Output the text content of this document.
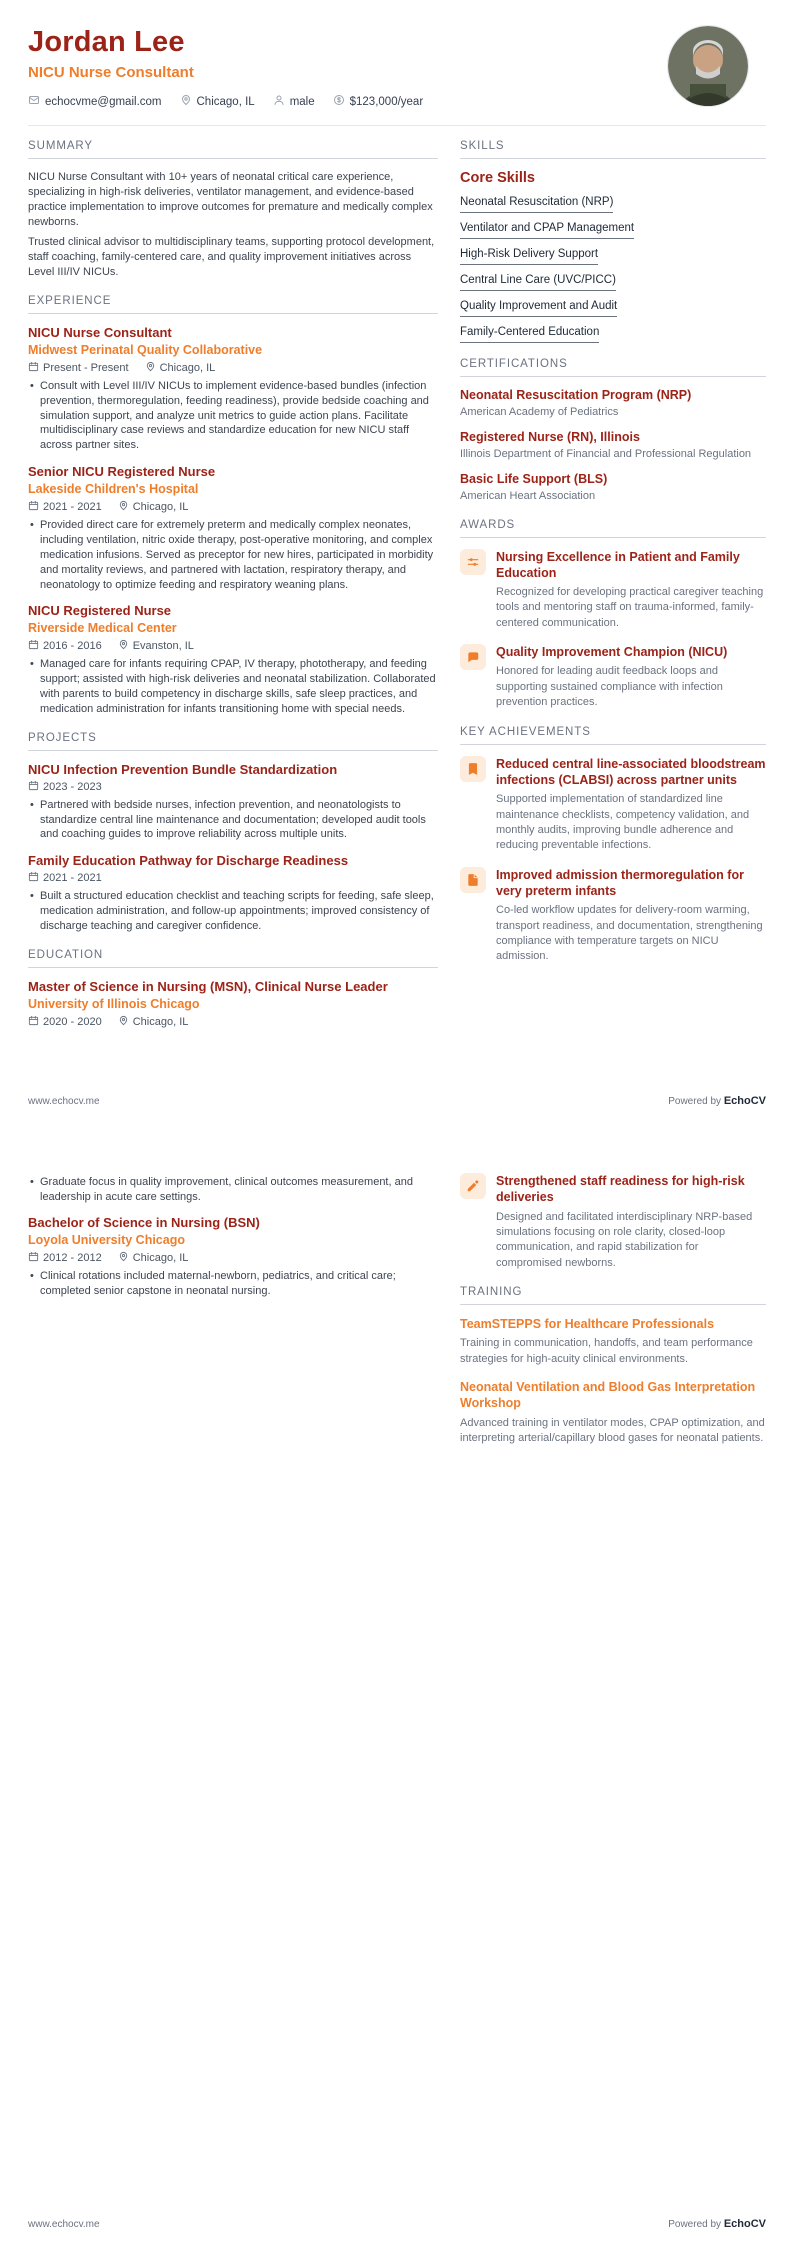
Jordan Lee
NICU Nurse Consultant
echocvme@gmail.com	Chicago, IL	male	$123,000/year
SUMMARY

NICU Nurse Consultant with 10+ years of neonatal critical care experience, specializing in high-risk deliveries, ventilator management, and evidence-based practice implementation to improve outcomes for premature and medically complex newborns.

Trusted clinical advisor to multidisciplinary teams, supporting protocol development, staff coaching, family-centered care, and quality improvement initiatives across Level III/IV NICUs.

EXPERIENCE
NICU Nurse Consultant
Midwest Perinatal Quality Collaborative
Present - Present	Chicago, IL
• Consult with Level III/IV NICUs to implement evidence-based bundles (infection prevention, thermoregulation, feeding readiness), provide bedside coaching and simulation support, and analyze unit metrics to guide action plans. Facilitate multidisciplinary case reviews and standardize education for new NICU staff across partner sites.
Senior NICU Registered Nurse
Lakeside Children's Hospital
2021 - 2021	Chicago, IL
• Provided direct care for extremely preterm and medically complex neonates, including ventilation, nitric oxide therapy, post-operative monitoring, and complex medication infusions. Served as preceptor for new hires, participated in morbidity and mortality reviews, and partnered with lactation, respiratory therapy, and neonatology to optimize feeding and respiratory weaning plans.
NICU Registered Nurse
Riverside Medical Center
2016 - 2016	Evanston, IL
• Managed care for infants requiring CPAP, IV therapy, phototherapy, and feeding support; assisted with high-risk deliveries and neonatal stabilization. Collaborated with parents to build competency in discharge skills, safe sleep practices, and medication administration for infants transitioning home with special needs.
PROJECTS
NICU Infection Prevention Bundle Standardization
2023 - 2023
• Partnered with bedside nurses, infection prevention, and neonatologists to standardize central line maintenance and documentation; developed audit tools and coaching guides to improve reliability across multiple units.
Family Education Pathway for Discharge Readiness
2021 - 2021
• Built a structured education checklist and teaching scripts for feeding, safe sleep, medication administration, and follow-up appointments; improved consistency of discharge teaching and caregiver confidence.
EDUCATION
Master of Science in Nursing (MSN), Clinical Nurse Leader
University of Illinois Chicago
2020 - 2020	Chicago, IL
SKILLS
Core Skills
Neonatal Resuscitation (NRP)
Ventilator and CPAP Management
High-Risk Delivery Support
Central Line Care (UVC/PICC)
Quality Improvement and Audit
Family-Centered Education
CERTIFICATIONS
Neonatal Resuscitation Program (NRP)
American Academy of Pediatrics
Registered Nurse (RN), Illinois
Illinois Department of Financial and Professional Regulation
Basic Life Support (BLS)
American Heart Association
AWARDS
Nursing Excellence in Patient and Family Education
Recognized for developing practical caregiver teaching tools and mentoring staff on trauma-informed, family-centered communication.
Quality Improvement Champion (NICU)
Honored for leading audit feedback loops and supporting sustained compliance with infection prevention practices.
KEY ACHIEVEMENTS
Reduced central line-associated bloodstream infections (CLABSI) across partner units
Supported implementation of standardized line maintenance checklists, competency validation, and monthly audits, improving bundle adherence and reducing preventable infections.
Improved admission thermoregulation for very preterm infants
Co-led workflow updates for delivery-room warming, transport readiness, and documentation, strengthening compliance with temperature targets on NICU admission.
www.echocv.me	Powered by EchoCV
• Graduate focus in quality improvement, clinical outcomes measurement, and leadership in acute care settings.
Bachelor of Science in Nursing (BSN)
Loyola University Chicago
2012 - 2012	Chicago, IL
• Clinical rotations included maternal-newborn, pediatrics, and critical care; completed senior capstone in neonatal nursing.
Strengthened staff readiness for high-risk deliveries
Designed and facilitated interdisciplinary NRP-based simulations focusing on role clarity, closed-loop communication, and rapid stabilization for compromised newborns.
TRAINING
TeamSTEPPS for Healthcare Professionals
Training in communication, handoffs, and team performance strategies for high-acuity clinical environments.
Neonatal Ventilation and Blood Gas Interpretation Workshop
Advanced training in ventilator modes, CPAP optimization, and interpreting arterial/capillary blood gases for neonatal patients.
www.echocv.me	Powered by EchoCV
